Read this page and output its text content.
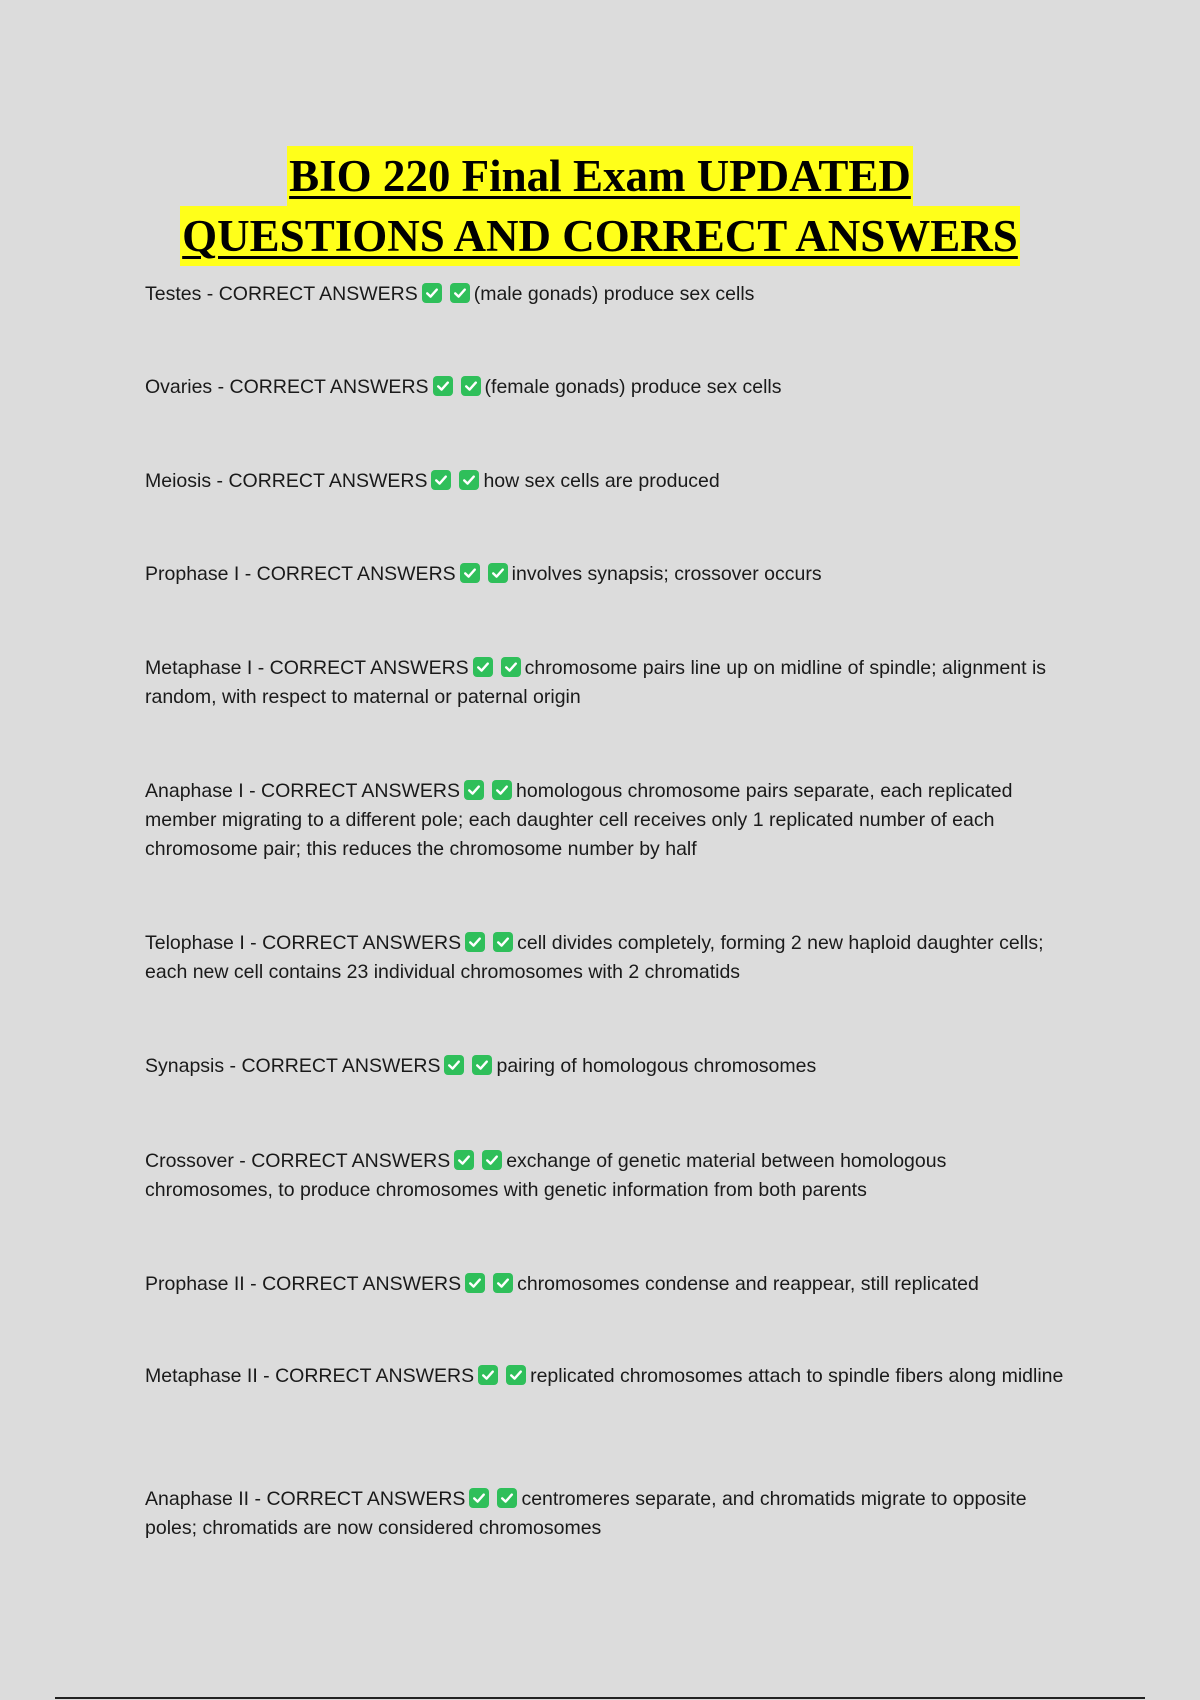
BIO 220 Final Exam UPDATED
QUESTIONS AND CORRECT ANSWERS
Testes - CORRECT ANSWERS	(male gonads) produce sex cells
Ovaries - CORRECT ANSWERS	(female gonads) produce sex cells
Meiosis - CORRECT ANSWERS	how sex cells are produced
Prophase I - CORRECT ANSWERS	involves synapsis; crossover occurs
Metaphase I - CORRECT ANSWERS	chromosome pairs line up on midline of spindle; alignment is random, with respect to maternal or paternal origin
Anaphase I - CORRECT ANSWERS	homologous chromosome pairs separate, each replicated member migrating to a different pole; each daughter cell receives only 1 replicated number of each chromosome pair; this reduces the chromosome number by half
Telophase I - CORRECT ANSWERS	cell divides completely, forming 2 new haploid daughter cells; each new cell contains 23 individual chromosomes with 2 chromatids
Synapsis - CORRECT ANSWERS	pairing of homologous chromosomes
Crossover - CORRECT ANSWERS	exchange of genetic material between homologous chromosomes, to produce chromosomes with genetic information from both parents
Prophase II - CORRECT ANSWERS	chromosomes condense and reappear, still replicated
Metaphase II - CORRECT ANSWERS	replicated chromosomes attach to spindle fibers along midline
Anaphase II - CORRECT ANSWERS	centromeres separate, and chromatids migrate to opposite poles; chromatids are now considered chromosomes
